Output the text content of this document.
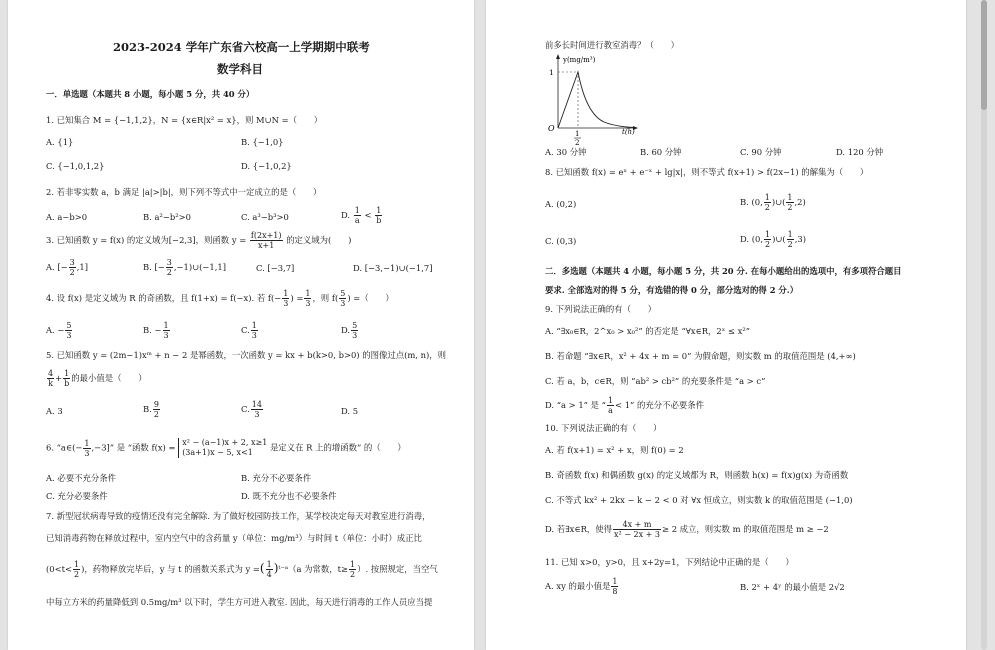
2023-2024 学年广东省六校高一上学期期中联考
数学科目
一．单选题（本题共 8 小题，每小题 5 分，共 40 分）
1. 已知集合 M = {−1,1,2}，N = {x∈R|x² = x}，则 M∪N =（　　）
A. {1}	B. {−1,0}
C. {−1,0,1,2}	D. {−1,0,2}
2. 若非零实数 a，b 满足 |a|>|b|，则下列不等式中一定成立的是（　　）
A. a−b>0	B. a²−b²>0	C. a³−b³>0	D. $\frac{1}{a} < \frac{1}{b}$
3. 已知函数 y = f(x) 的定义域为[−2,3]，则函数 $y = \frac{f(2x+1)}{x+1}$ 的定义域为(　　)
A. [− $\frac{3}{2} ,1$]	B. [− $\frac{3}{2}$ ,−1)∪(−1,1]	C. [−3,7]	D. [−3,−1)∪(−1,7]
4. 设 f(x) 是定义域为 R 的奇函数，且 f(1+x) = f(−x). 若 $f(- \frac{1}{3}$ ) = $\frac{1}{3}$ ，则 $f( \frac{5}{3}$ ) =（　　）
A. − $\frac{5}{3}$	B. − $\frac{1}{3}$	C. $\frac{1}{3}$	D. $\frac{5}{3}$
5. 已知函数 y = (2m−1)xᵐ + n − 2 是幂函数，一次函数 y = kx + b(k>0, b>0) 的图像过点(m, n)，则
$\frac{4}{k} + \frac{1}{b}$ 的最小值是（　　）
A. 3	B. $\frac{9}{2}$	C. $\frac{14}{3}$	D. 5
6. “a∈(− $\frac{1}{3} ,-3$]” 是 “函数 f(x) = x² − (a−1)x + 2, x≥1
(3a+1)x − 5, x<1	是定义在 R 上的增函数” 的（　　）
A. 必要不充分条件	B. 充分不必要条件
C. 充分必要条件	D. 既不充分也不必要条件
7. 新型冠状病毒导致的疫情还没有完全解除. 为了做好校园防技工作，某学校决定每天对教室进行消毒，
已知消毒药物在释放过程中，室内空气中的含药量 y（单位：mg/m³）与时间 t（单位：小时）成正比
($0<t< \frac{1}{2}$ )，药物释放完毕后，y 与 t 的函数关系式为 y =( $\frac{1}{4}$ )ᵗ⁻ᵃ（a 为常数，$t\ge \frac{1}{2}$ ）. 按照规定，当空气
中每立方米的药量降低到 0.5mg/m³ 以下时，学生方可进入教室. 因此，每天进行消毒的工作人员应当提
前多长时间进行教室消毒？（　　）
y(mg/m³)
1
O
1
2
t(h)
A. 30 分钟	B. 60 分钟	C. 90 分钟	D. 120 分钟
8. 已知函数 f(x) = eˣ + e⁻ˣ + lg|x|，则不等式 f(x+1) > f(2x−1) 的解集为（　　）
A. (0,2)	B. (0, $\frac{1}{2}$ )∪( $\frac{1}{2} ,2$)
C. (0,3)	D. (0, $\frac{1}{2}$ )∪( $\frac{1}{2} ,3$)
二．多选题（本题共 4 小题，每小题 5 分，共 20 分. 在每小题给出的选项中，有多项符合题目
要求. 全部选对的得 5 分，有选错的得 0 分，部分选对的得 2 分.）
9. 下列说法正确的有（　　）
A. “∃x₀∈R，2^x₀ > x₀²” 的否定是 “∀x∈R，2ˣ ≤ x²”
B. 若命题 “∃x∈R，x² + 4x + m = 0” 为假命题，则实数 m 的取值范围是 (4,+∞)
C. 若 a，b，c∈R，则 “ab² > cb²” 的充要条件是 “a > c”
D. “a > 1” 是 “ $\frac{1}{a} < 1$” 的充分不必要条件
10. 下列说法正确的有（　　）
A. 若 f(x+1) = x² + x，则 f(0) = 2
B. 奇函数 f(x) 和偶函数 g(x) 的定义域都为 R，则函数 h(x) = f(x)g(x) 为奇函数
C. 不等式 kx² + 2kx − k − 2 < 0 对 ∀x 恒成立，则实数 k 的取值范围是 (−1,0)
D. 若∃x∈R，使得 $\frac{4x + m}{\text{x² − 2x + 3}} \ge 2$ 成立，则实数 m 的取值范围是 m ≥ −2
11. 已知 x>0，y>0，且 x+2y=1，下列结论中正确的是（　　）
A. xy 的最小值是 $\frac{1}{8}$	B. 2ˣ + 4ʸ 的最小值是 2√2
